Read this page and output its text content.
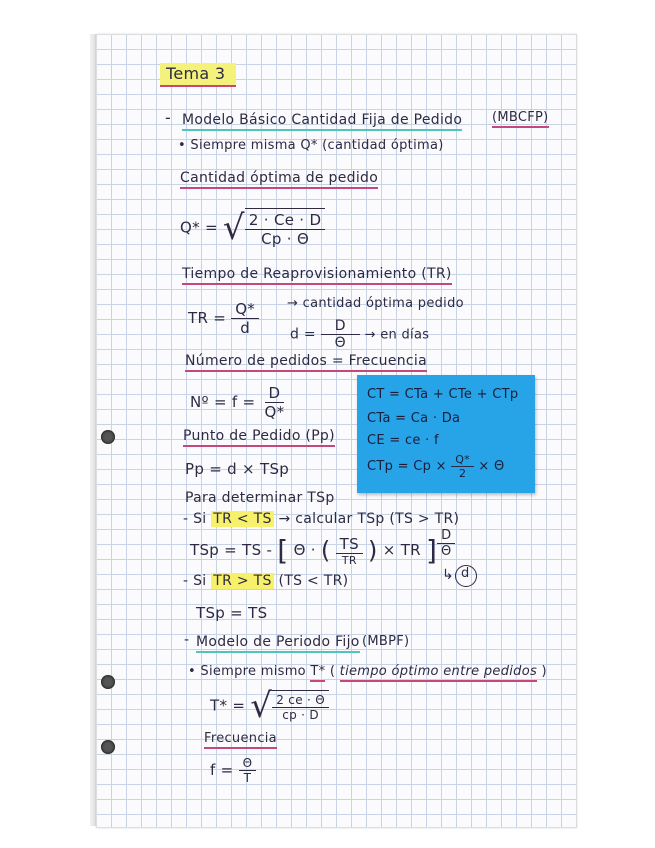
Tema 3
- Modelo Básico Cantidad Fija de Pedido (MBCFP)
• Siempre misma Q* (cantidad óptima)
Cantidad óptima de pedido
Q* = √ $\frac{2 \cdot Ce \cdot D}{Cp \cdot \Theta}$
Tiempo de Reaprovisionamiento (TR)
TR = $\frac{Q*}{d}$ → cantidad óptima pedido
$d = \frac{D}{\Theta}$ → en días
Número de pedidos = Frecuencia
Nº = $f = \frac{D}{Q*}$	CT = CTa + CTe + CTp
CTa = Ca · Da
CE = ce · f
CTp = $Cp \times \frac{Q*}{2} \times \Theta$
Punto de Pedido (Pp)
Pp = d × TSp
Para determinar TSp
- Si TR < TS → calcular TSp (TS > TR)
TSp = TS - [ Θ · ( $\frac{TS}{TR}$ ) × TR ] $\frac{D}{\Theta}$
↳ d
- Si TR > TS (TS < TR)
TSp = TS
- Modelo de Periodo Fijo (MBPF)
• Siempre mismo T* ( tiempo óptimo entre pedidos )
T* = √ $\frac{2 ce \cdot \Theta}{cp \cdot D}$
Frecuencia
$f = \frac{\Theta}{T}$
